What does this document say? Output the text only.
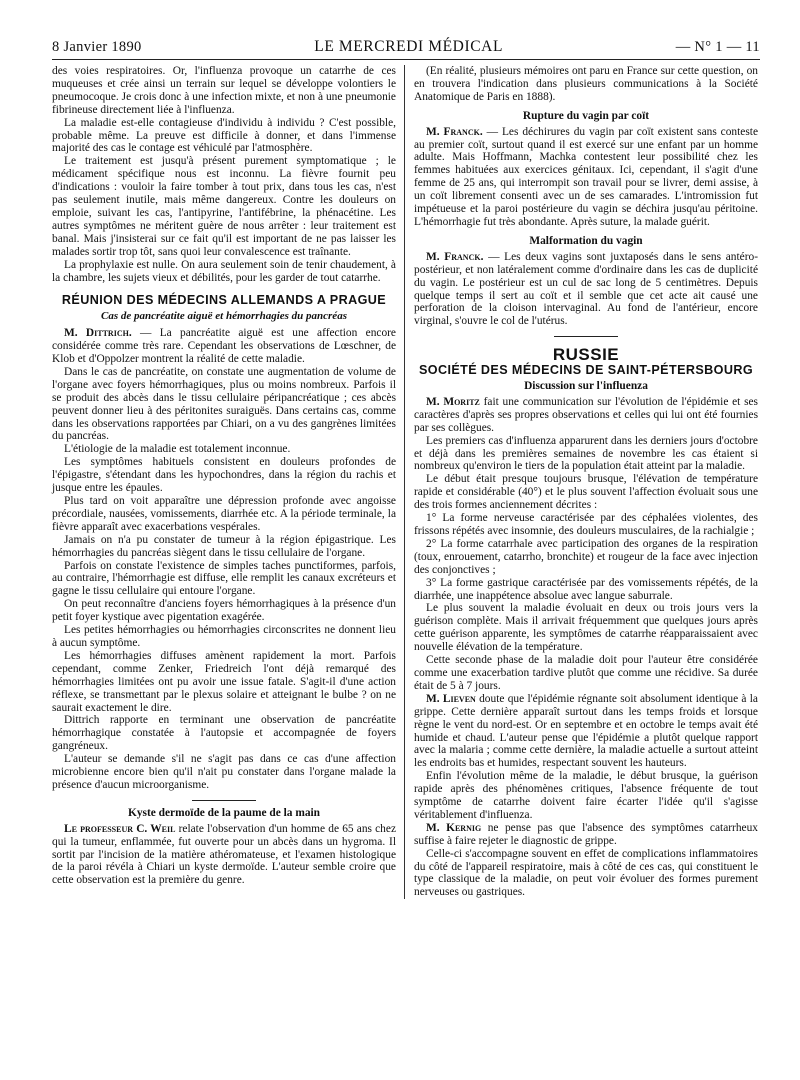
8 Janvier 1890	LE MERCREDI MÉDICAL	— N° 1 — 11

des voies respiratoires. Or, l'influenza provoque un catarrhe de ces muqueuses et crée ainsi un terrain sur lequel se développe volontiers le pneumocoque. Je crois donc à une infection mixte, et non à une pneumonie fibrineuse directement liée à l'influenza.

La maladie est-elle contagieuse d'individu à individu ? C'est possible, probable même. La preuve est difficile à donner, et dans l'immense majorité des cas le contage est véhiculé par l'atmosphère.

Le traitement est jusqu'à présent purement symptomatique ; le médicament spécifique nous est inconnu. La fièvre fournit peu d'indications : vouloir la faire tomber à tout prix, dans tous les cas, n'est pas seulement inutile, mais même dangereux. Contre les douleurs on emploie, suivant les cas, l'antipyrine, l'antifébrine, la phénacétine. Les autres symptômes ne méritent guère de nous arrêter : leur traitement est banal. Mais j'insisterai sur ce fait qu'il est important de ne pas laisser les malades sortir trop tôt, sans quoi leur convalescence est traînante.

La prophylaxie est nulle. On aura seulement soin de tenir chaudement, à la chambre, les sujets vieux et débilités, pour les garder de tout catarrhe.

RÉUNION DES MÉDECINS ALLEMANDS A PRAGUE
Cas de pancréatite aiguë et hémorrhagies du pancréas

M. Dittrich. — La pancréatite aiguë est une affection encore considérée comme très rare. Cependant les observations de Lœschner, de Klob et d'Oppolzer montrent la réalité de cette maladie.

Dans le cas de pancréatite, on constate une augmentation de volume de l'organe avec foyers hémorrhagiques, plus ou moins nombreux. Parfois il se produit des abcès dans le tissu cellulaire péripancréatique ; ces abcès peuvent donner lieu à des péritonites suraiguës. Dans certains cas, comme dans les observations rapportées par Chiari, on a vu des gangrènes limitées du pancréas.

L'étiologie de la maladie est totalement inconnue.

Les symptômes habituels consistent en douleurs profondes de l'épigastre, s'étendant dans les hypochondres, dans la région du rachis et jusque entre les épaules.

Plus tard on voit apparaître une dépression profonde avec angoisse précordiale, nausées, vomissements, diarrhée etc. A la période terminale, la fièvre apparaît avec exacerbations vespérales.

Jamais on n'a pu constater de tumeur à la région épigastrique. Les hémorrhagies du pancréas siègent dans le tissu cellulaire de l'organe.

Parfois on constate l'existence de simples taches punctiformes, parfois, au contraire, l'hémorrhagie est diffuse, elle remplit les canaux excréteurs et gagne le tissu cellulaire qui entoure l'organe.

On peut reconnaître d'anciens foyers hémorrhagiques à la présence d'un petit foyer kystique avec pigentation exagérée.

Les petites hémorrhagies ou hémorrhagies circonscrites ne donnent lieu à aucun symptôme.

Les hémorrhagies diffuses amènent rapidement la mort. Parfois cependant, comme Zenker, Friedreich l'ont déjà remarqué des hémorrhagies limitées ont pu avoir une issue fatale. S'agit-il d'une action réflexe, se transmettant par le plexus solaire et atteignant le bulbe ? on ne saurait exactement le dire.

Dittrich rapporte en terminant une observation de pancréatite hémorrhagique constatée à l'autopsie et accompagnée de foyers gangréneux.

L'auteur se demande s'il ne s'agit pas dans ce cas d'une affection microbienne encore bien qu'il n'ait pu constater dans l'organe malade la présence d'aucun microorganisme.

Kyste dermoïde de la paume de la main

Le professeur C. Weil relate l'observation d'un homme de 65 ans chez qui la tumeur, enflammée, fut ouverte pour un abcès dans un hygroma. Il sortit par l'incision de la matière athéromateuse, et l'examen histologique de la paroi révéla à Chiari un kyste dermoïde. L'auteur semble croire que cette observation est la première du genre.

(En réalité, plusieurs mémoires ont paru en France sur cette question, on en trouvera l'indication dans plusieurs communications à la Société Anatomique de Paris en 1888).

Rupture du vagin par coït

M. Franck. — Les déchirures du vagin par coït existent sans conteste au premier coït, surtout quand il est exercé sur une enfant par un homme adulte. Mais Hoffmann, Machka contestent leur possibilité chez les femmes habituées aux exercices génitaux. Ici, cependant, il s'agit d'une femme de 25 ans, qui interrompit son travail pour se livrer, demi assise, à un coït librement consenti avec un de ses camarades. L'intromission fut impétueuse et la paroi postérieure du vagin se déchira jusqu'au péritoine. L'hémorrhagie fut très abondante. Après suture, la malade guérit.

Malformation du vagin

M. Franck. — Les deux vagins sont juxtaposés dans le sens antéro-postérieur, et non latéralement comme d'ordinaire dans les cas de duplicité du vagin. Le postérieur est un cul de sac long de 5 centimètres. Depuis quelque temps il sert au coït et il semble que cet acte ait causé une perforation de la cloison intervaginal. Au fond de l'antérieur, encore virginal, s'ouvre le col de l'utérus.

RUSSIE
SOCIÉTÉ DES MÉDECINS DE SAINT-PÉTERSBOURG
Discussion sur l'influenza

M. Moritz fait une communication sur l'évolution de l'épidémie et ses caractères d'après ses propres observations et celles qui lui ont été fournies par ses collègues.

Les premiers cas d'influenza apparurent dans les derniers jours d'octobre et déjà dans les premières semaines de novembre les cas étaient si nombreux qu'environ le tiers de la population était atteint par la maladie.

Le début était presque toujours brusque, l'élévation de température rapide et considérable (40°) et le plus souvent l'affection évoluait sous une des trois formes anciennement décrites :

1° La forme nerveuse caractérisée par des céphalées violentes, des frissons répétés avec insomnie, des douleurs musculaires, de la rachialgie ;

2° La forme catarrhale avec participation des organes de la respiration (toux, enrouement, catarrho, bronchite) et rougeur de la face avec injection des conjonctives ;

3° La forme gastrique caractérisée par des vomissements répétés, de la diarrhée, une inappétence absolue avec langue saburrale.

Le plus souvent la maladie évoluait en deux ou trois jours vers la guérison complète. Mais il arrivait fréquemment que quelques jours après cette guérison apparente, les symptômes de catarrhe réapparaissaient avec nouvelle élévation de la température.

Cette seconde phase de la maladie doit pour l'auteur être considérée comme une exacerbation tardive plutôt que comme une récidive. Sa durée était de 5 à 7 jours.

M. Lieven doute que l'épidémie régnante soit absolument identique à la grippe. Cette dernière apparaît surtout dans les temps froids et lorsque règne le vent du nord-est. Or en septembre et en octobre le temps avait été humide et chaud. L'auteur pense que l'épidémie a plutôt quelque rapport avec la malaria ; comme cette dernière, la maladie actuelle a surtout atteint les endroits bas et humides, respectant souvent les hauteurs.

Enfin l'évolution même de la maladie, le début brusque, la guérison rapide après des phénomènes critiques, l'absence fréquente de tout symptôme de catarrhe doivent faire écarter l'idée qu'il s'agisse véritablement d'influenza.

M. Kernig ne pense pas que l'absence des symptômes catarrheux suffise à faire rejeter le diagnostic de grippe.

Celle-ci s'accompagne souvent en effet de complications inflammatoires du côté de l'appareil respiratoire, mais à côté de ces cas, qui constituent le type classique de la maladie, on peut voir évoluer des formes purement nerveuses ou gastriques.
